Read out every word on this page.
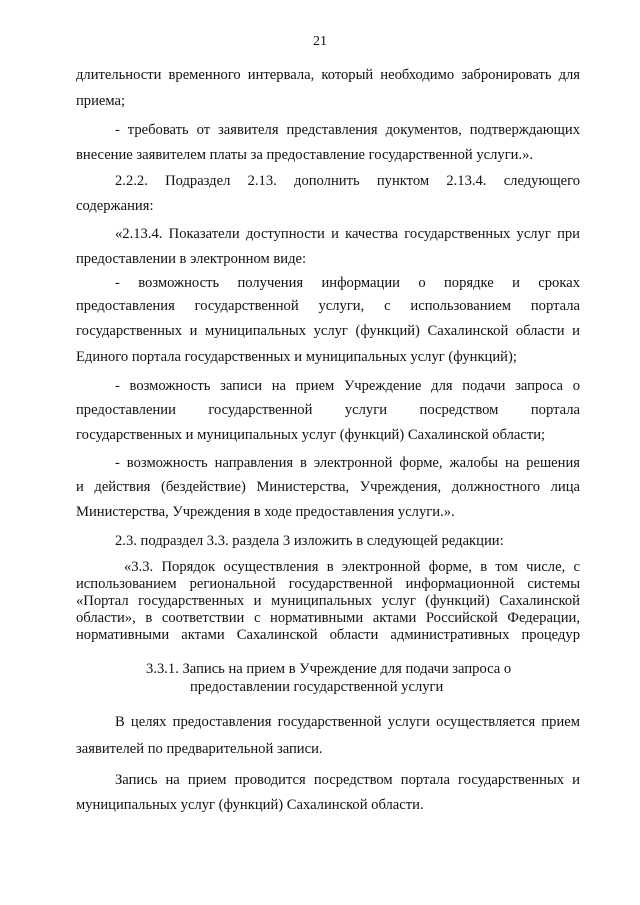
21
длительности временного интервала, который необходимо забронировать для
приема;
- требовать от заявителя представления документов, подтверждающих
внесение заявителем платы за предоставление государственной услуги.».
2.2.2. Подраздел 2.13. дополнить пунктом 2.13.4. следующего
содержания:
«2.13.4. Показатели доступности и качества государственных услуг при
предоставлении в электронном виде:
- возможность получения информации о порядке и сроках
предоставления государственной услуги, с использованием портала
государственных и муниципальных услуг (функций) Сахалинской области и
Единого портала государственных и муниципальных услуг (функций);
- возможность записи на прием Учреждение для подачи запроса о
предоставлении государственной услуги посредством портала
государственных и муниципальных услуг (функций) Сахалинской области;
- возможность направления в электронной форме, жалобы на решения
и действия (бездействие) Министерства, Учреждения, должностного лица
Министерства, Учреждения в ходе предоставления услуги.».
2.3. подраздел 3.3. раздела 3 изложить в следующей редакции:
«3.3. Порядок осуществления в электронной форме, в том числе, с
использованием региональной государственной информационной системы
«Портал государственных и муниципальных услуг (функций) Сахалинской
области», в соответствии с нормативными актами Российской Федерации,
нормативными актами Сахалинской области административных процедур
3.3.1. Запись на прием в Учреждение для подачи запроса о
предоставлении государственной услуги
В целях предоставления государственной услуги осуществляется прием
заявителей по предварительной записи.
Запись на прием проводится посредством портала государственных и
муниципальных услуг (функций) Сахалинской области.
